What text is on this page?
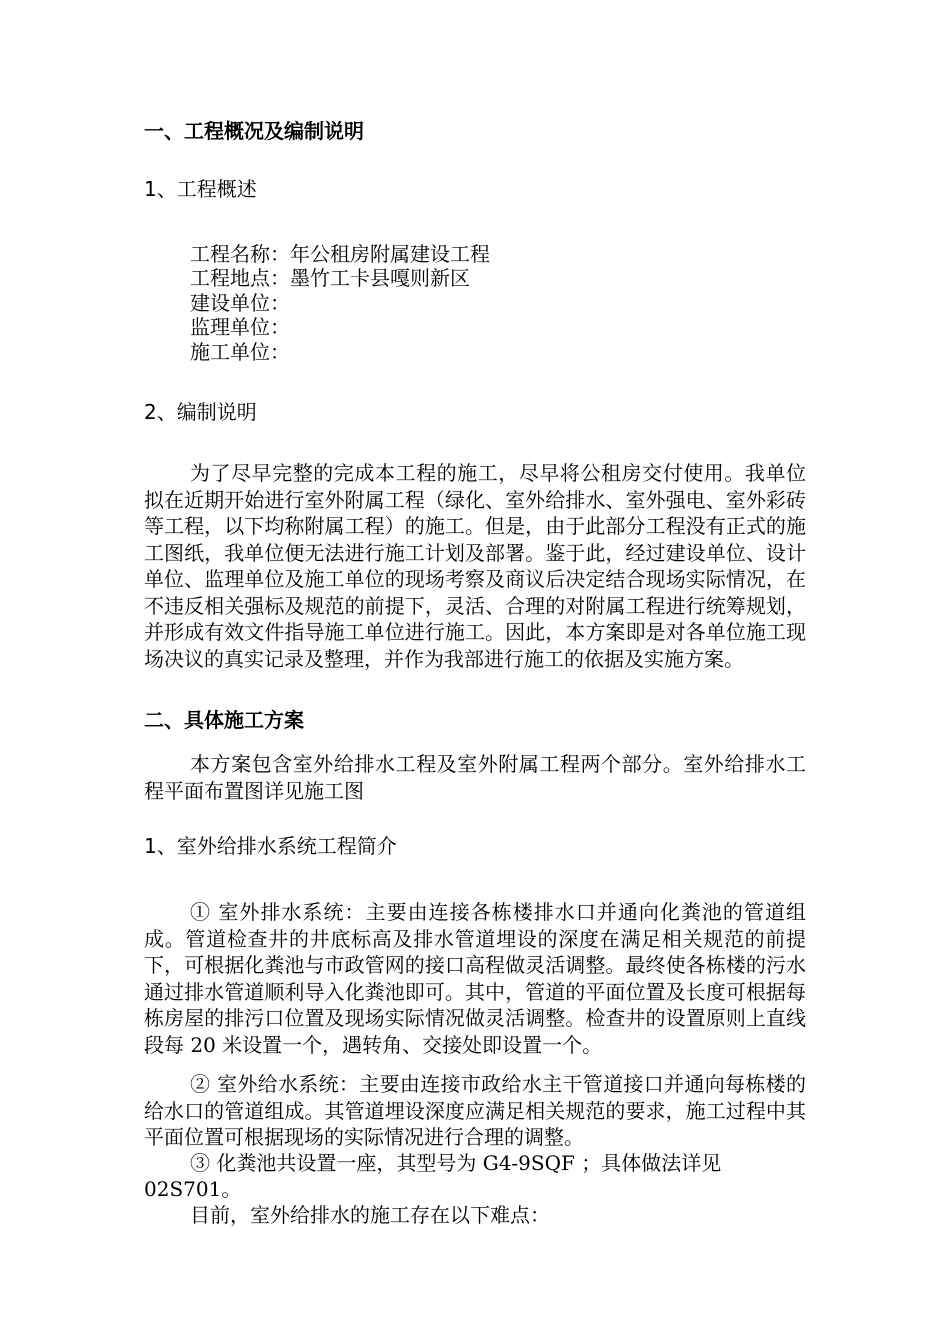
一、工程概况及编制说明
1、工程概述
工程名称：年公租房附属建设工程
工程地点：墨竹工卡县嘎则新区
建设单位：
监理单位：
施工单位：
2、编制说明
为了尽早完整的完成本工程的施工，尽早将公租房交付使用。我单位拟在近期开始进行室外附属工程（绿化、室外给排水、室外强电、室外彩砖等工程，以下均称附属工程）的施工。但是，由于此部分工程没有正式的施工图纸，我单位便无法进行施工计划及部署。鉴于此，经过建设单位、设计单位、监理单位及施工单位的现场考察及商议后决定结合现场实际情况，在不违反相关强标及规范的前提下，灵活、合理的对附属工程进行统筹规划，并形成有效文件指导施工单位进行施工。因此，本方案即是对各单位施工现场决议的真实记录及整理，并作为我部进行施工的依据及实施方案。
二、具体施工方案
本方案包含室外给排水工程及室外附属工程两个部分。室外给排水工程平面布置图详见施工图
1、室外给排水系统工程简介
① 室外排水系统：主要由连接各栋楼排水口并通向化粪池的管道组成。管道检查井的井底标高及排水管道埋设的深度在满足相关规范的前提下，可根据化粪池与市政管网的接口高程做灵活调整。最终使各栋楼的污水通过排水管道顺利导入化粪池即可。其中，管道的平面位置及长度可根据每栋房屋的排污口位置及现场实际情况做灵活调整。检查井的设置原则上直线段每 20 米设置一个，遇转角、交接处即设置一个。
② 室外给水系统：主要由连接市政给水主干管道接口并通向每栋楼的给水口的管道组成。其管道埋设深度应满足相关规范的要求，施工过程中其平面位置可根据现场的实际情况进行合理的调整。
③ 化粪池共设置一座，其型号为 G4-9SQF ；具体做法详见
02S701。
目前，室外给排水的施工存在以下难点：
